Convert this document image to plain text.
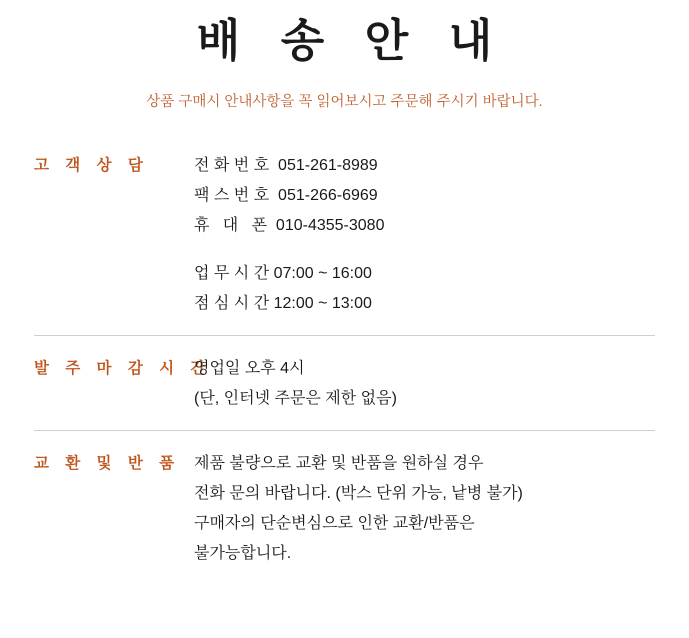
배 송 안 내
상품 구매시 안내사항을 꼭 읽어보시고 주문해 주시기 바랍니다.
고 객 상 담	전 화 번 호  051-261-8989
팩 스 번 호  051-266-6969
휴   대   폰  010-4355-3080
업 무 시 간 07:00 ~ 16:00
점 심 시 간 12:00 ~ 13:00
발 주 마 감 시 간
영업일 오후 4시
(단, 인터넷 주문은 제한 없음)
교 환 및 반 품 제품 불량으로 교환 및 반품을 원하실 경우
전화 문의 바랍니다. (박스 단위 가능, 낱병 불가)
구매자의 단순변심으로 인한 교환/반품은
불가능합니다.
